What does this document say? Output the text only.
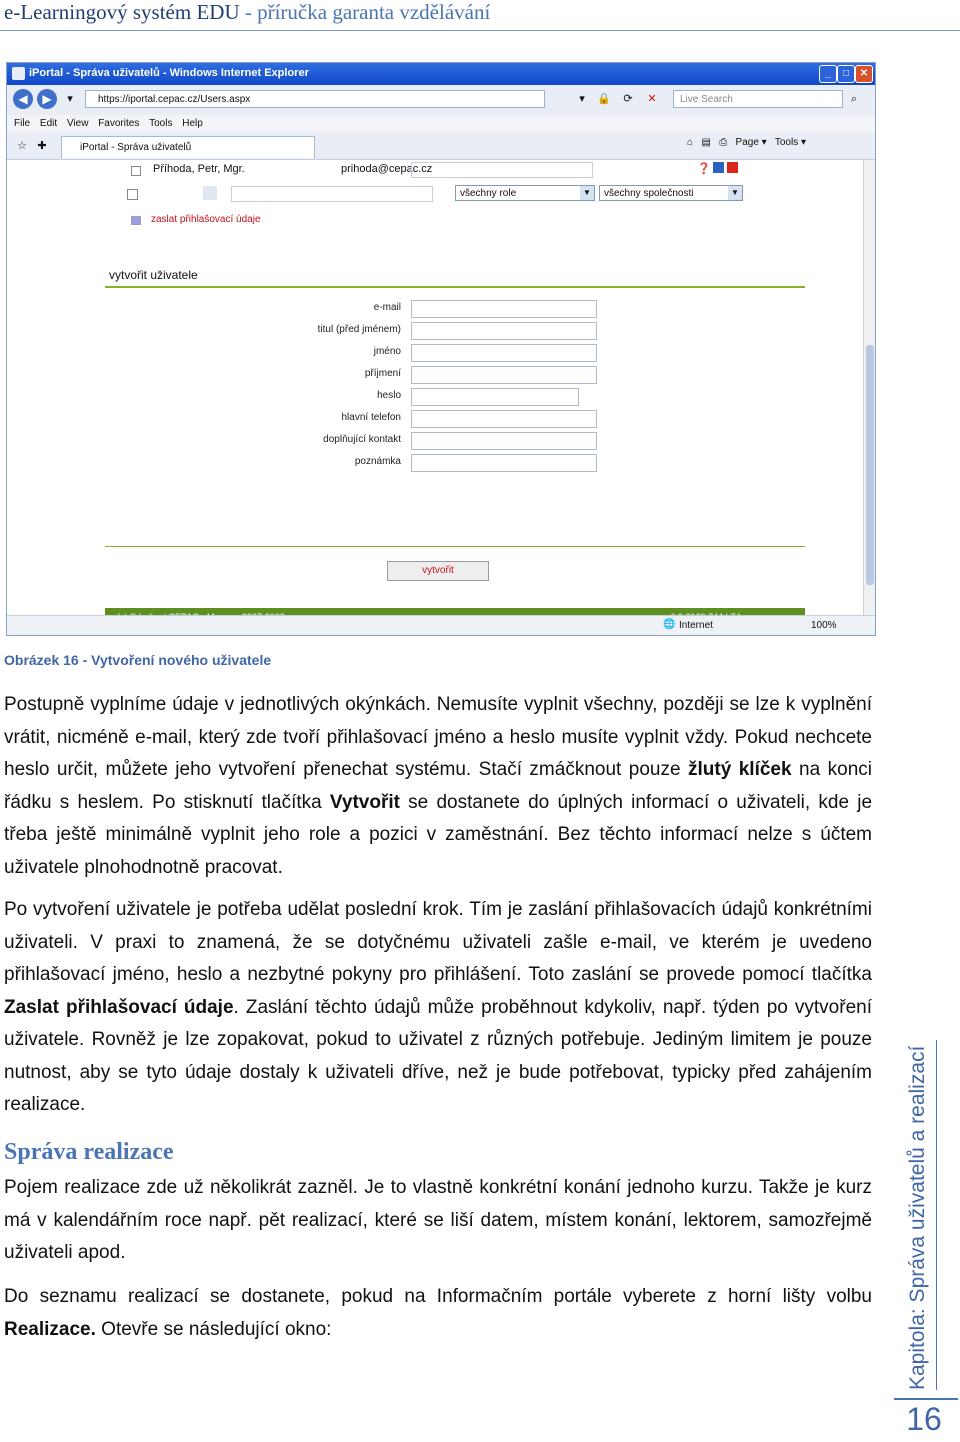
e-Learningový systém EDU - příručka garanta vzdělávání
iPortal - Správa uživatelů - Windows Internet Explorer	_	□	✕
◀	▶	▾	https://iportal.cepac.cz/Users.aspx	▾	🔒	⟳	✕	Live Search	⌕
File Edit View Favorites Tools Help
☆ ✚	iPortal - Správa uživatelů	⌂ ▤ ⎙ Page ▾   Tools ▾
Příhoda, Petr, Mgr.	prihoda@cepac.cz	❓
všechny role	▼	všechny společnosti	▼
zaslat přihlašovací údaje
vytvořit uživatele
e-mail
titul (před jménem)
jméno
příjmení
heslo
hlavní telefon
doplňující kontakt
poznámka
vytvořit
🌐 Internet	100%
Obrázek 16 - Vytvoření nového uživatele
Postupně vyplníme údaje v jednotlivých okýnkách. Nemusíte vyplnit všechny, později se lze k vyplnění vrátit, nicméně e-mail, který zde tvoří přihlašovací jméno a heslo musíte vyplnit vždy. Pokud nechcete heslo určit, můžete jeho vytvoření přenechat systému. Stačí zmáčknout pouze žlutý klíček na konci řádku s heslem. Po stisknutí tlačítka Vytvořit se dostanete do úplných informací o uživateli, kde je třeba ještě minimálně vyplnit jeho role a pozici v zaměstnání. Bez těchto informací nelze s účtem uživatele plnohodnotně pracovat.
Po vytvoření uživatele je potřeba udělat poslední krok. Tím je zaslání přihlašovacích údajů konkrétními uživateli. V praxi to znamená, že se dotyčnému uživateli zašle e-mail, ve kterém je uvedeno přihlašovací jméno, heslo a nezbytné pokyny pro přihlášení. Toto zaslání se provede pomocí tlačítka Zaslat přihlašovací údaje. Zaslání těchto údajů může proběhnout kdykoliv, např. týden po vytvoření uživatele. Rovněž je lze zopakovat, pokud to uživatel z různých potřebuje. Jediným limitem je pouze nutnost, aby se tyto údaje dostaly k uživateli dříve, než je bude potřebovat, typicky před zahájením realizace.
Správa realizace
Pojem realizace zde už několikrát zazněl. Je to vlastně konkrétní konání jednoho kurzu. Takže je kurz má v kalendářním roce např. pět realizací, které se liší datem, místem konání, lektorem, samozřejmě uživateli apod.
Do seznamu realizací se dostanete, pokud na Informačním portále vyberete z horní lišty volbu Realizace. Otevře se následující okno:	Kapitola: Správa uživatelů a realizací
16
